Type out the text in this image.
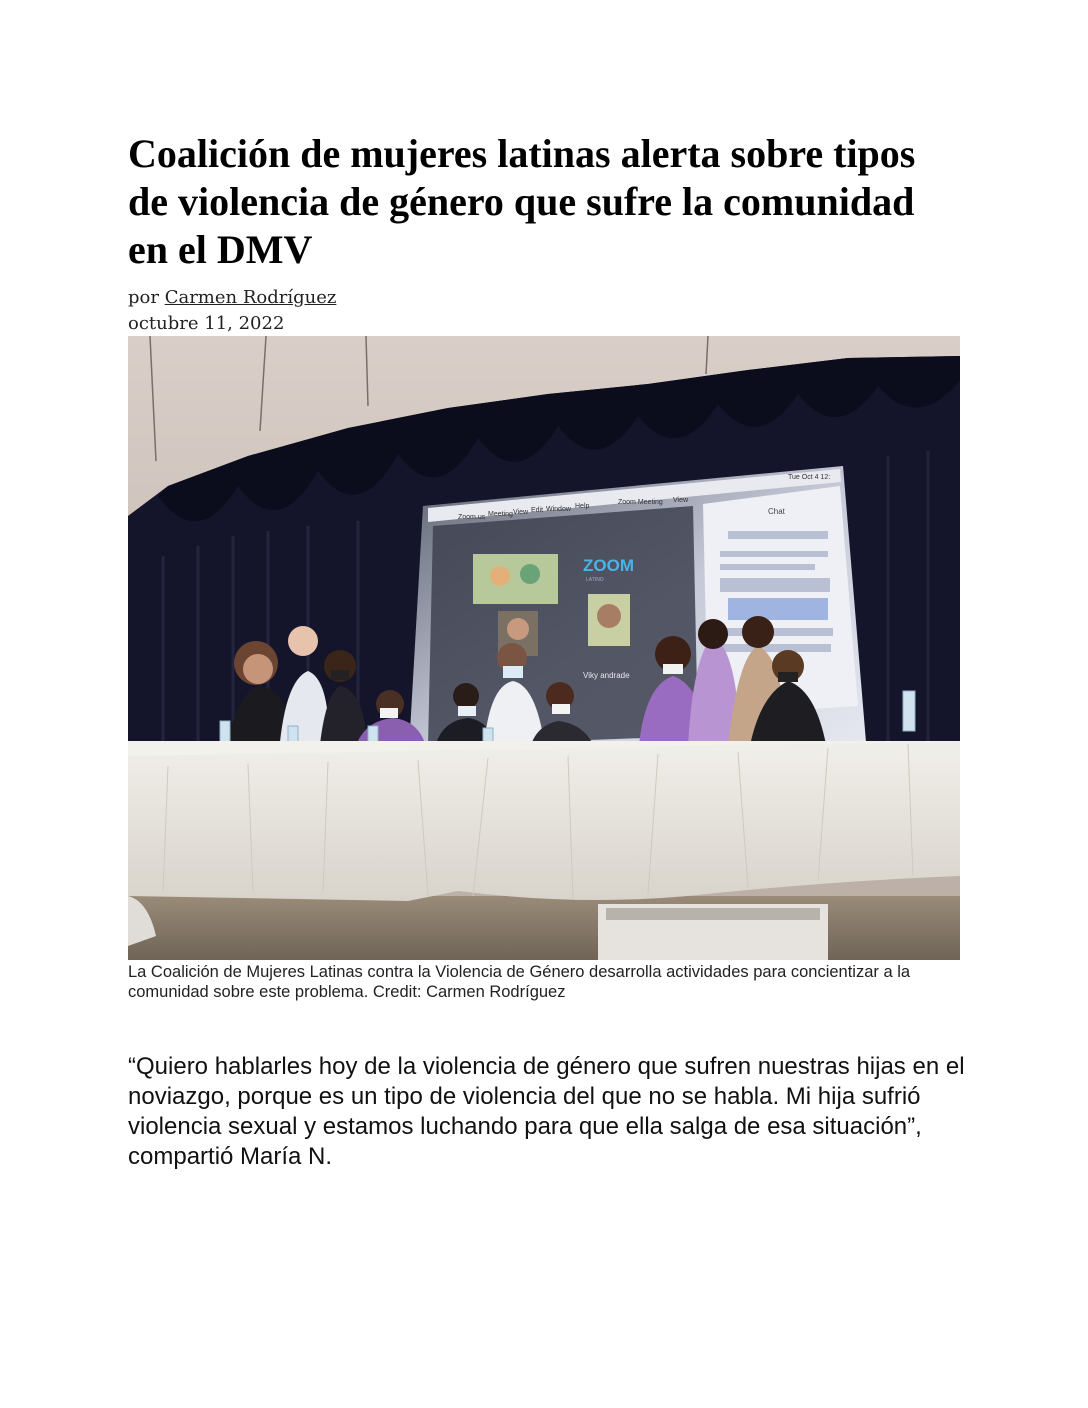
Coalición de mujeres latinas alerta sobre tipos de violencia de género que sufre la comunidad en el DMV
por Carmen Rodríguez
octubre 11, 2022
Zoom.us Meeting View Edit Window Help
Zoom Meeting View
Tue Oct 4 12:
Chat
ZOOM
LATINO
Viky andrade
La Coalición de Mujeres Latinas contra la Violencia de Género desarrolla actividades para concientizar a la comunidad sobre este problema. Credit: Carmen Rodríguez

“Quiero hablarles hoy de la violencia de género que sufren nuestras hijas en el noviazgo, porque es un tipo de violencia del que no se habla. Mi hija sufrió violencia sexual y estamos luchando para que ella salga de esa situación”, compartió María N.
